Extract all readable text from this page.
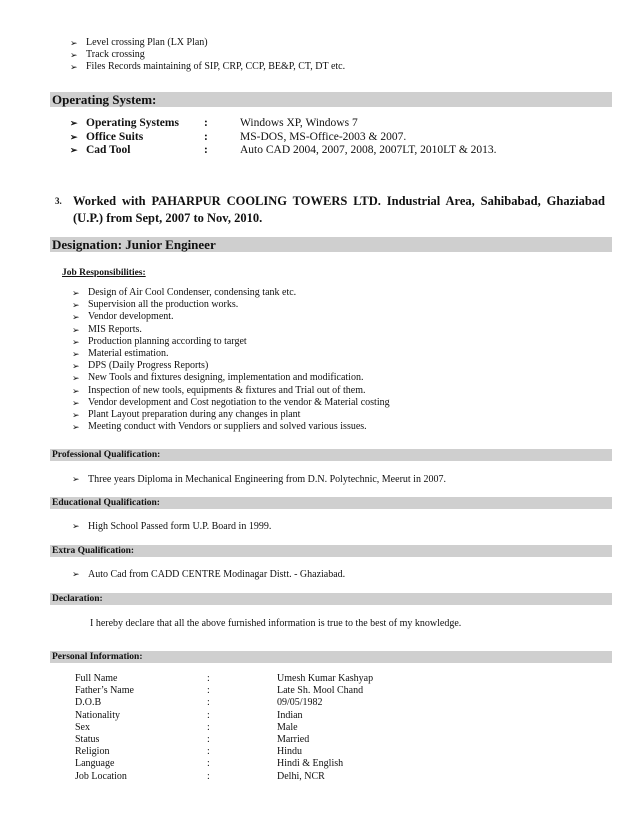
➢ Level crossing Plan (LX Plan)
➢ Track crossing
➢ Files Records maintaining of SIP, CRP, CCP, BE&P, CT, DT etc.
Operating System:
➢ Operating Systems :	Windows XP, Windows 7
➢ Office Suits	:	MS-DOS, MS-Office-2003 & 2007.
➢ Cad Tool	:	Auto CAD 2004, 2007, 2008, 2007LT, 2010LT & 2013.
3. Worked with PAHARPUR COOLING TOWERS LTD. Industrial Area, Sahibabad, Ghaziabad (U.P.) from Sept, 2007 to Nov, 2010.
Designation: Junior Engineer
Job Responsibilities:
➢ Design of Air Cool Condenser, condensing tank etc.
➢ Supervision all the production works.
➢ Vendor development.
➢ MIS Reports.
➢ Production planning according to target
➢ Material estimation.
➢ DPS (Daily Progress Reports)
➢ New Tools and fixtures designing, implementation and modification.
➢ Inspection of new tools, equipments & fixtures and Trial out of them.
➢ Vendor development and Cost negotiation to the vendor & Material costing
➢ Plant Layout preparation during any changes in plant
➢ Meeting conduct with Vendors or suppliers and solved various issues.
Professional Qualification:
➢ Three years Diploma in Mechanical Engineering from D.N. Polytechnic, Meerut in 2007.
Educational Qualification:
➢ High School Passed form U.P. Board in 1999.
Extra Qualification:
➢ Auto Cad from CADD CENTRE Modinagar Distt. - Ghaziabad.
Declaration:
I hereby declare that all the above furnished information is true to the best of my knowledge.
Personal Information:
Full Name	:	Umesh Kumar Kashyap
Father’s Name	:	Late Sh. Mool Chand
D.O.B	:	09/05/1982
Nationality	:	Indian
Sex	:	Male
Status	:	Married
Religion	:	Hindu
Language	:	Hindi & English
Job Location	:	Delhi, NCR
